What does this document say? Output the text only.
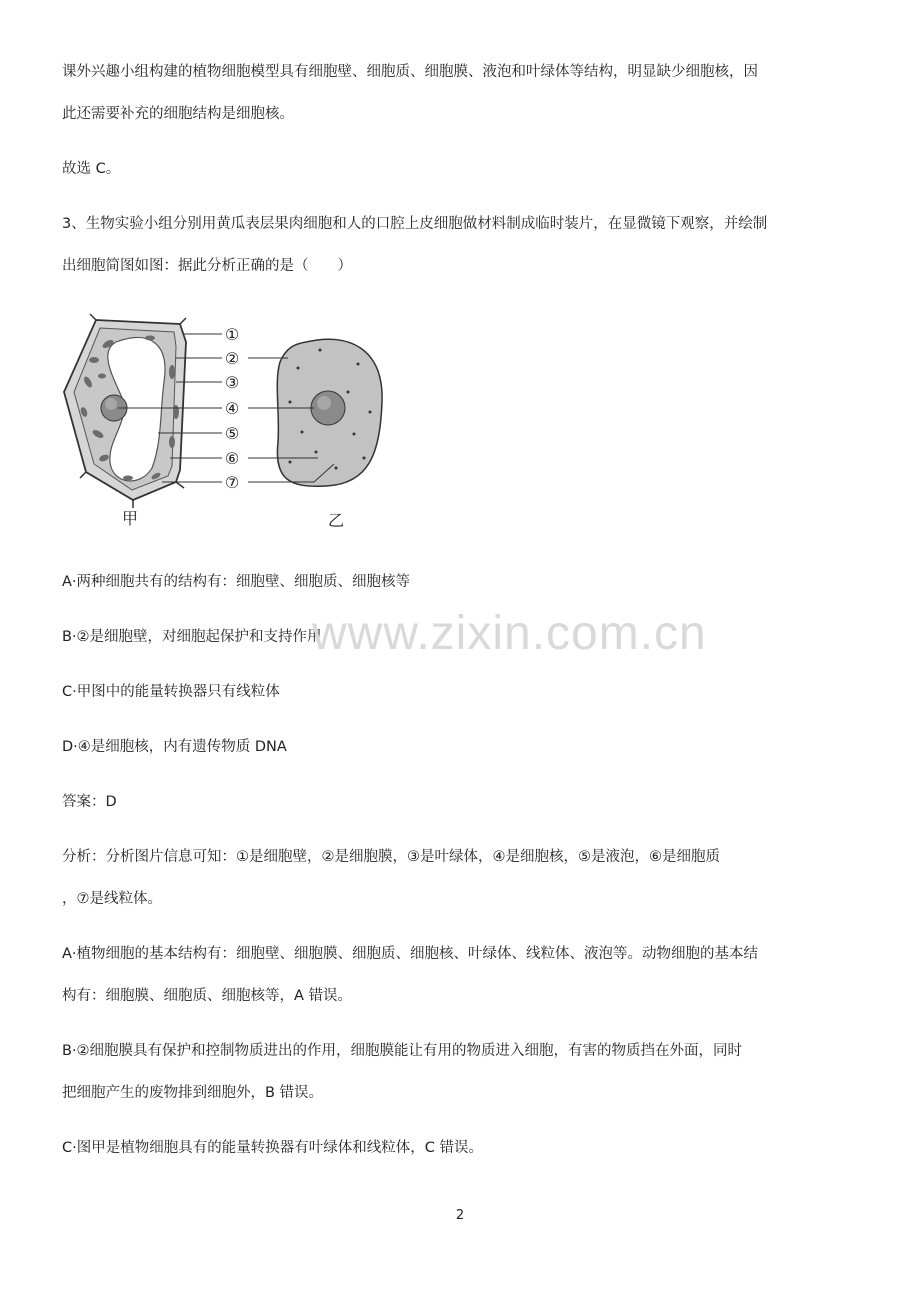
课外兴趣小组构建的植物细胞模型具有细胞壁、细胞质、细胞膜、液泡和叶绿体等结构，明显缺少细胞核，因
此还需要补充的细胞结构是细胞核。
故选 C。
3、生物实验小组分别用黄瓜表层果肉细胞和人的口腔上皮细胞做材料制成临时装片，在显微镜下观察，并绘制
出细胞简图如图：据此分析正确的是（　　）
①
②
③
④
⑤
⑥
⑦
甲	乙
A·两种细胞共有的结构有：细胞壁、细胞质、细胞核等
B·②是细胞壁，对细胞起保护和支持作用
C·甲图中的能量转换器只有线粒体
D·④是细胞核，内有遗传物质 DNA
答案：D
分析：分析图片信息可知：①是细胞壁，②是细胞膜，③是叶绿体，④是细胞核，⑤是液泡，⑥是细胞质
，⑦是线粒体。
A·植物细胞的基本结构有：细胞壁、细胞膜、细胞质、细胞核、叶绿体、线粒体、液泡等。动物细胞的基本结
构有：细胞膜、细胞质、细胞核等，A 错误。
B·②细胞膜具有保护和控制物质进出的作用，细胞膜能让有用的物质进入细胞，有害的物质挡在外面，同时
把细胞产生的废物排到细胞外，B 错误。
C·图甲是植物细胞具有的能量转换器有叶绿体和线粒体，C 错误。
www.zixin.com.cn
2
